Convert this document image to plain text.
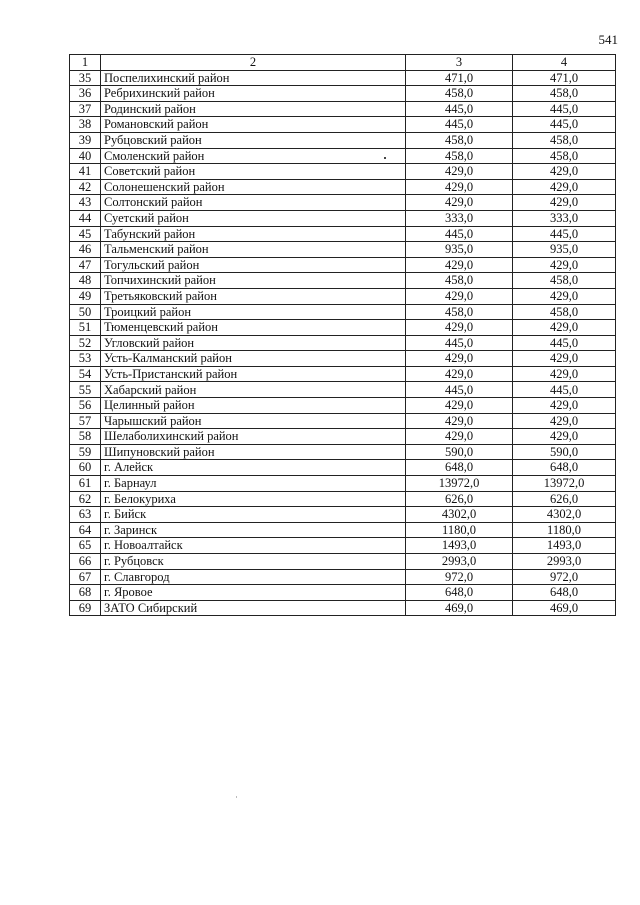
541
1	2	3	4
35	Поспелихинский район	471,0	471,0
36	Ребрихинский район	458,0	458,0
37	Родинский район	445,0	445,0
38	Романовский район	445,0	445,0
39	Рубцовский район	458,0	458,0
40	Смоленский район	458,0	458,0
41	Советский район	429,0	429,0
42	Солонешенский район	429,0	429,0
43	Солтонский район	429,0	429,0
44	Суетский район	333,0	333,0
45	Табунский район	445,0	445,0
46	Тальменский район	935,0	935,0
47	Тогульский район	429,0	429,0
48	Топчихинский район	458,0	458,0
49	Третьяковский район	429,0	429,0
50	Троицкий район	458,0	458,0
51	Тюменцевский район	429,0	429,0
52	Угловский район	445,0	445,0
53	Усть-Калманский район	429,0	429,0
54	Усть-Пристанский район	429,0	429,0
55	Хабарский район	445,0	445,0
56	Целинный район	429,0	429,0
57	Чарышский район	429,0	429,0
58	Шелаболихинский район	429,0	429,0
59	Шипуновский район	590,0	590,0
60	г. Алейск	648,0	648,0
61	г. Барнаул	13972,0	13972,0
62	г. Белокуриха	626,0	626,0
63	г. Бийск	4302,0	4302,0
64	г. Заринск	1180,0	1180,0
65	г. Новоалтайск	1493,0	1493,0
66	г. Рубцовск	2993,0	2993,0
67	г. Славгород	972,0	972,0
68	г. Яровое	648,0	648,0
69	ЗАТО Сибирский	469,0	469,0
